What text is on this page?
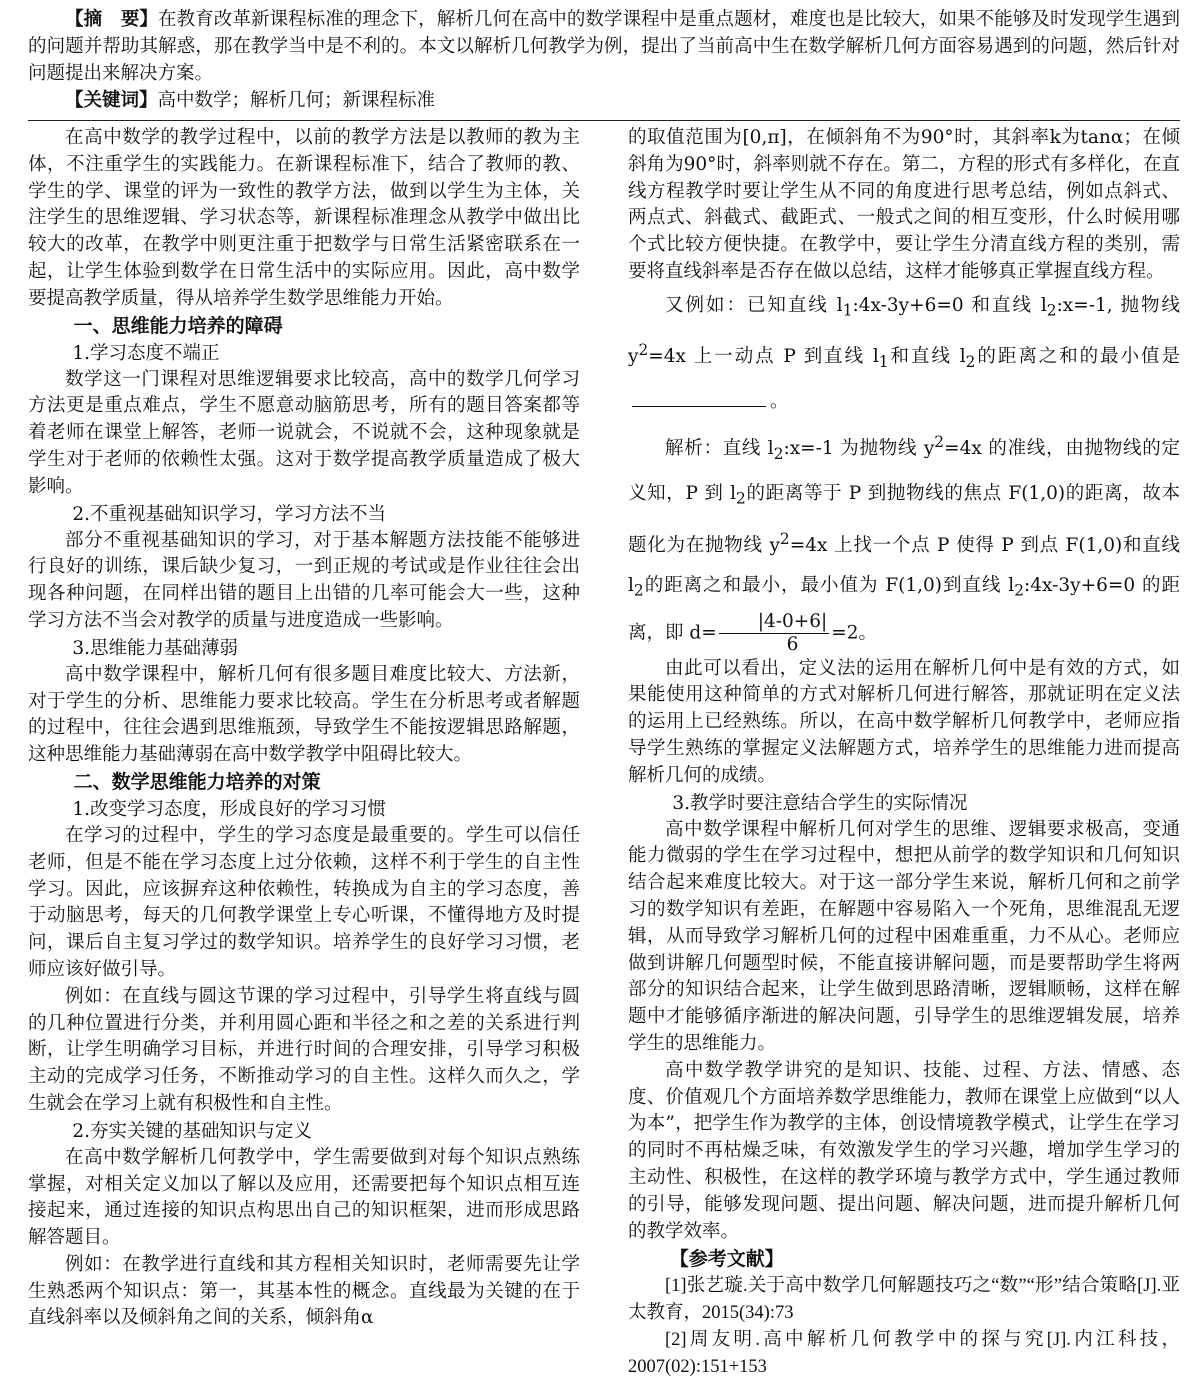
【摘　要】在教育改革新课程标准的理念下，解析几何在高中的数学课程中是重点题材，难度也是比较大，如果不能够及时发现学生遇到的问题并帮助其解惑，那在教学当中是不利的。本文以解析几何教学为例，提出了当前高中生在数学解析几何方面容易遇到的问题，然后针对问题提出来解决方案。
【关键词】高中数学；解析几何；新课程标准

在高中数学的教学过程中，以前的教学方法是以教师的教为主体，不注重学生的实践能力。在新课程标准下，结合了教师的教、学生的学、课堂的评为一致性的教学方法，做到以学生为主体，关注学生的思维逻辑、学习状态等，新课程标准理念从教学中做出比较大的改革，在教学中则更注重于把数学与日常生活紧密联系在一起，让学生体验到数学在日常生活中的实际应用。因此，高中数学要提高教学质量，得从培养学生数学思维能力开始。

一、思维能力培养的障碍
1.学习态度不端正

数学这一门课程对思维逻辑要求比较高，高中的数学几何学习方法更是重点难点，学生不愿意动脑筋思考，所有的题目答案都等着老师在课堂上解答，老师一说就会，不说就不会，这种现象就是学生对于老师的依赖性太强。这对于数学提高教学质量造成了极大影响。

2.不重视基础知识学习，学习方法不当

部分不重视基础知识的学习，对于基本解题方法技能不能够进行良好的训练，课后缺少复习，一到正规的考试或是作业往往会出现各种问题，在同样出错的题目上出错的几率可能会大一些，这种学习方法不当会对教学的质量与进度造成一些影响。

3.思维能力基础薄弱

高中数学课程中，解析几何有很多题目难度比较大、方法新，对于学生的分析、思维能力要求比较高。学生在分析思考或者解题的过程中，往往会遇到思维瓶颈，导致学生不能按逻辑思路解题，这种思维能力基础薄弱在高中数学教学中阻碍比较大。

二、数学思维能力培养的对策
1.改变学习态度，形成良好的学习习惯

在学习的过程中，学生的学习态度是最重要的。学生可以信任老师，但是不能在学习态度上过分依赖，这样不利于学生的自主性学习。因此，应该摒弃这种依赖性，转换成为自主的学习态度，善于动脑思考，每天的几何教学课堂上专心听课，不懂得地方及时提问，课后自主复习学过的数学知识。培养学生的良好学习习惯，老师应该好做引导。

例如：在直线与圆这节课的学习过程中，引导学生将直线与圆的几种位置进行分类，并利用圆心距和半径之和之差的关系进行判断，让学生明确学习目标，并进行时间的合理安排，引导学习积极主动的完成学习任务，不断推动学习的自主性。这样久而久之，学生就会在学习上就有积极性和自主性。

2.夯实关键的基础知识与定义

在高中数学解析几何教学中，学生需要做到对每个知识点熟练掌握，对相关定义加以了解以及应用，还需要把每个知识点相互连接起来，通过连接的知识点构思出自己的知识框架，进而形成思路解答题目。

例如：在教学进行直线和其方程相关知识时，老师需要先让学生熟悉两个知识点：第一，其基本性的概念。直线最为关键的在于直线斜率以及倾斜角之间的关系，倾斜角α

的取值范围为[0,π]，在倾斜角不为90°时，其斜率k为tanα；在倾斜角为90°时，斜率则就不存在。第二，方程的形式有多样化，在直线方程教学时要让学生从不同的角度进行思考总结，例如点斜式、两点式、斜截式、截距式、一般式之间的相互变形，什么时候用哪个式比较方便快捷。在教学中，要让学生分清直线方程的类别，需要将直线斜率是否存在做以总结，这样才能够真正掌握直线方程。

又例如：已知直线 $l_1:4x-3y+6=0$ 和直线 $l_2:x=-1$, 抛物线 $y^2=4x$ 上一动点 P 到直线 $l_1$和直线 $l_2$的距离之和的最小值是。

解析：直线 $l_2:x=-1$ 为抛物线 $y^2=4x$ 的准线，由抛物线的定义知，P 到 $l_2$的距离等于 P 到抛物线的焦点 F(1,0)的距离，故本题化为在抛物线 $y^2=4x$ 上找一个点 P 使得 P 到点 F(1,0)和直线 $l_2$的距离之和最小，最小值为 F(1,0)到直线 $l_2:4x-3y+6=0$ 的距离，即 $d= \frac{|4-0+6|}{6} =2$。

由此可以看出，定义法的运用在解析几何中是有效的方式，如果能使用这种简单的方式对解析几何进行解答，那就证明在定义法的运用上已经熟练。所以，在高中数学解析几何教学中，老师应指导学生熟练的掌握定义法解题方式，培养学生的思维能力进而提高解析几何的成绩。

3.教学时要注意结合学生的实际情况

高中数学课程中解析几何对学生的思维、逻辑要求极高，变通能力微弱的学生在学习过程中，想把从前学的数学知识和几何知识结合起来难度比较大。对于这一部分学生来说，解析几何和之前学习的数学知识有差距，在解题中容易陷入一个死角，思维混乱无逻辑，从而导致学习解析几何的过程中困难重重，力不从心。老师应做到讲解几何题型时候，不能直接讲解问题，而是要帮助学生将两部分的知识结合起来，让学生做到思路清晰，逻辑顺畅，这样在解题中才能够循序渐进的解决问题，引导学生的思维逻辑发展，培养学生的思维能力。

高中数学教学讲究的是知识、技能、过程、方法、情感、态度、价值观几个方面培养数学思维能力，教师在课堂上应做到“以人为本”，把学生作为教学的主体，创设情境教学模式，让学生在学习的同时不再枯燥乏味，有效激发学生的学习兴趣，增加学生学习的主动性、积极性，在这样的教学环境与教学方式中，学生通过教师的引导，能够发现问题、提出问题、解决问题，进而提升解析几何的教学效率。

【参考文献】

[1]张艺璇.关于高中数学几何解题技巧之“数”“形”结合策略[J].亚太教育，2015(34):73

[2]周友明.高中解析几何教学中的探与究[J].内江科技，2007(02):151+153
